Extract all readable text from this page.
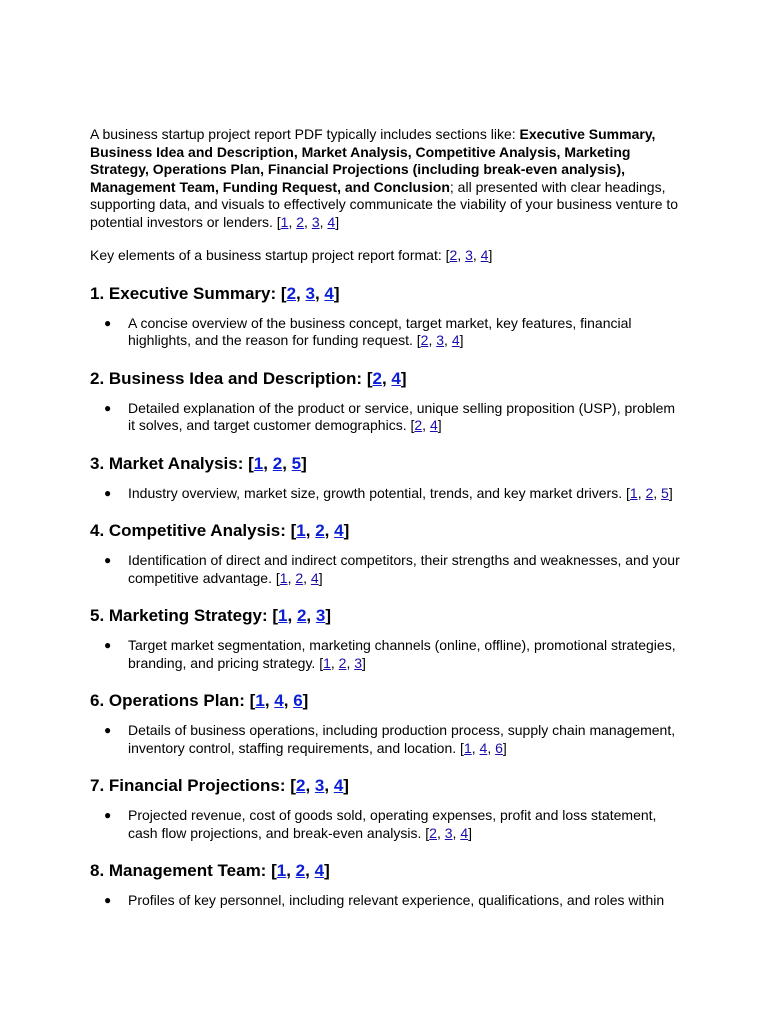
A business startup project report PDF typically includes sections like: Executive Summary, Business Idea and Description, Market Analysis, Competitive Analysis, Marketing Strategy, Operations Plan, Financial Projections (including break-even analysis), Management Team, Funding Request, and Conclusion; all presented with clear headings, supporting data, and visuals to effectively communicate the viability of your business venture to potential investors or lenders. [1, 2, 3, 4]

Key elements of a business startup project report format: [2, 3, 4]

1. Executive Summary: [2, 3, 4]
● A concise overview of the business concept, target market, key features, financial highlights, and the reason for funding request. [2, 3, 4]
2. Business Idea and Description: [2, 4]
● Detailed explanation of the product or service, unique selling proposition (USP), problem it solves, and target customer demographics. [2, 4]
3. Market Analysis: [1, 2, 5]
● Industry overview, market size, growth potential, trends, and key market drivers. [1, 2, 5]
4. Competitive Analysis: [1, 2, 4]
● Identification of direct and indirect competitors, their strengths and weaknesses, and your competitive advantage. [1, 2, 4]
5. Marketing Strategy: [1, 2, 3]
● Target market segmentation, marketing channels (online, offline), promotional strategies, branding, and pricing strategy. [1, 2, 3]
6. Operations Plan: [1, 4, 6]
● Details of business operations, including production process, supply chain management, inventory control, staffing requirements, and location. [1, 4, 6]
7. Financial Projections: [2, 3, 4]
● Projected revenue, cost of goods sold, operating expenses, profit and loss statement, cash flow projections, and break-even analysis. [2, 3, 4]
8. Management Team: [1, 2, 4]
● Profiles of key personnel, including relevant experience, qualifications, and roles within
